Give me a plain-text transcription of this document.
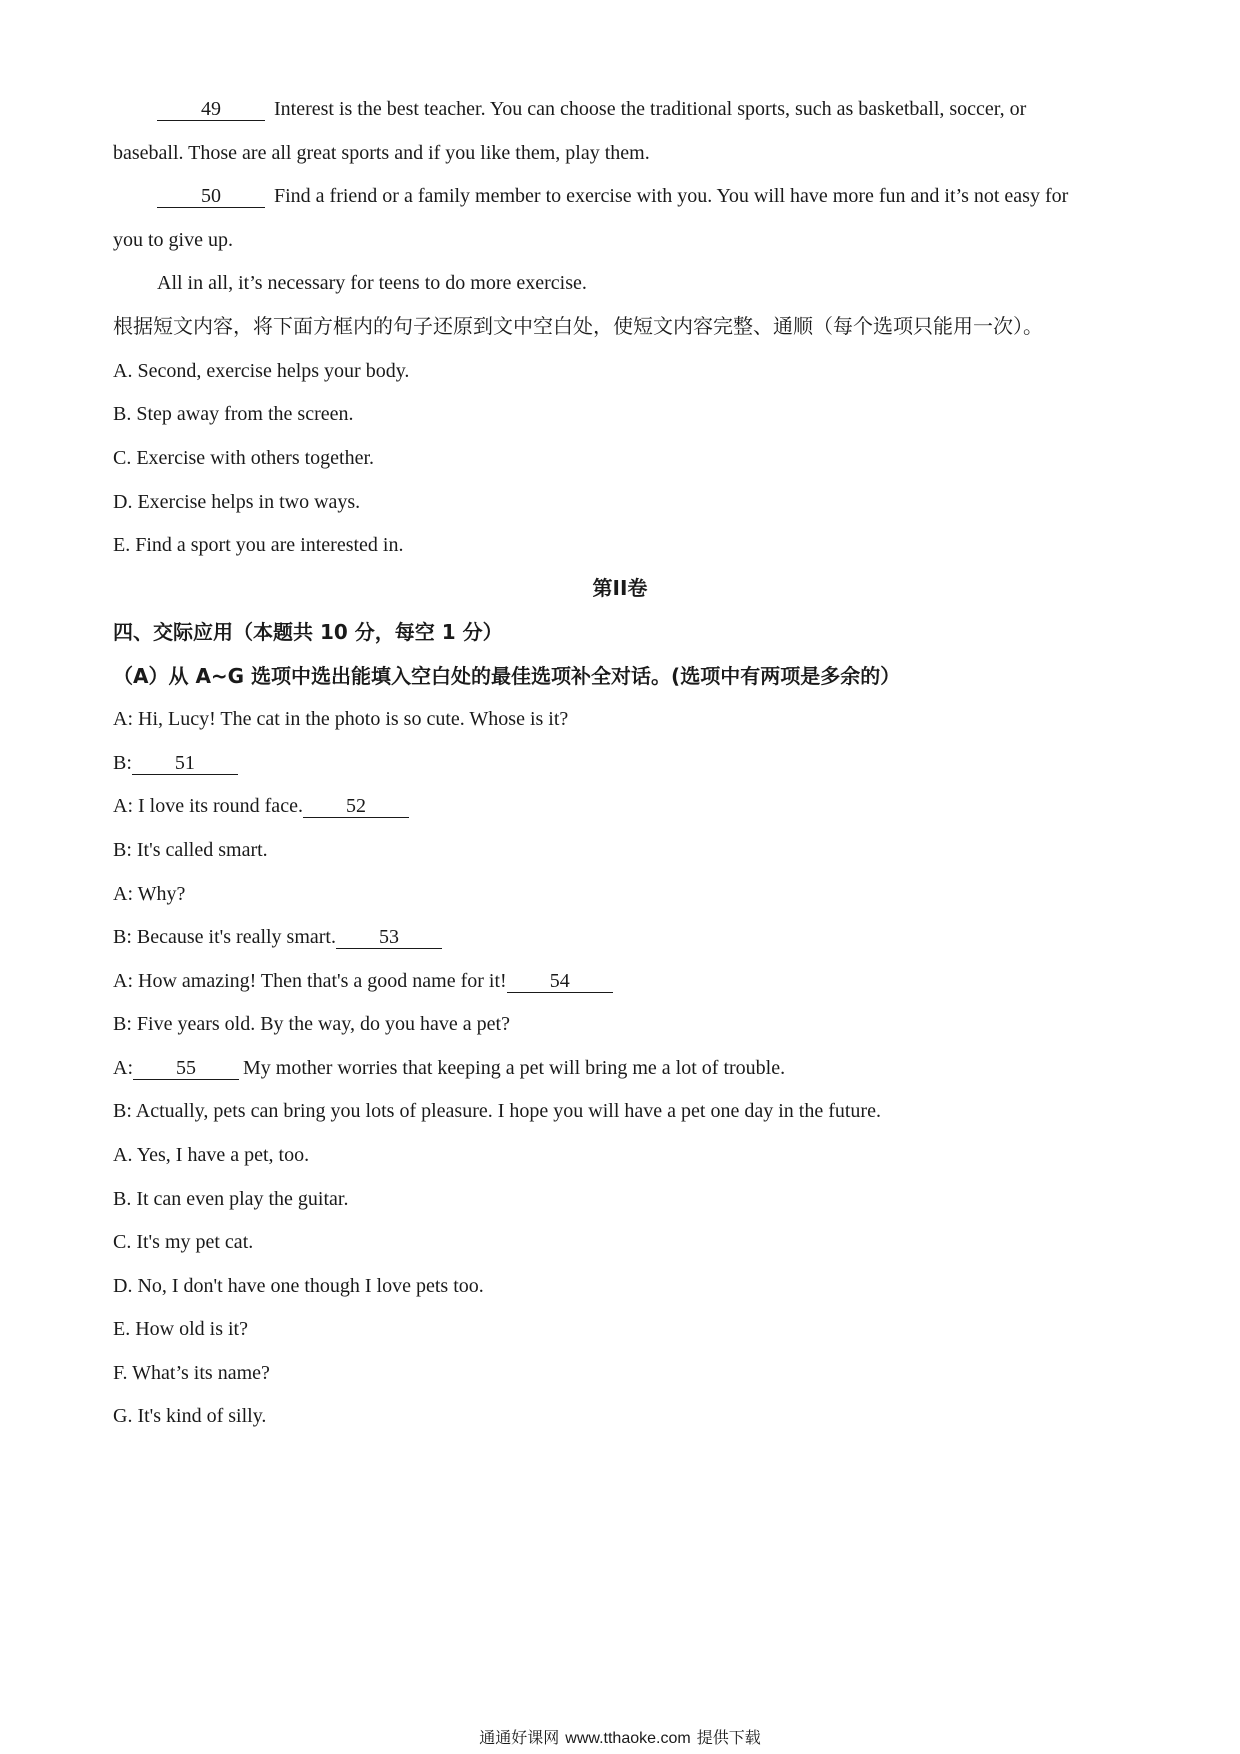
49 Interest is the best teacher. You can choose the traditional sports, such as basketball, soccer, or
baseball. Those are all great sports and if you like them, play them.
50 Find a friend or a family member to exercise with you. You will have more fun and it’s not easy for
you to give up.
All in all, it’s necessary for teens to do more exercise.
根据短文内容，将下面方框内的句子还原到文中空白处，使短文内容完整、通顺（每个选项只能用一次）。
A. Second, exercise helps your body.
B. Step away from the screen.
C. Exercise with others together.
D. Exercise helps in two ways.
E. Find a sport you are interested in.
第II卷
四、交际应用（本题共 10 分，每空 1 分）
（A）从 A~G 选项中选出能填入空白处的最佳选项补全对话。(选项中有两项是多余的）
A: Hi, Lucy! The cat in the photo is so cute. Whose is it?
B: 51
A: I love its round face. 52
B: It's called smart.
A: Why?
B: Because it's really smart. 53
A: How amazing! Then that's a good name for it! 54
B: Five years old. By the way, do you have a pet?
A: 55 My mother worries that keeping a pet will bring me a lot of trouble.
B: Actually, pets can bring you lots of pleasure. I hope you will have a pet one day in the future.
A. Yes, I have a pet, too.
B. It can even play the guitar.
C. It's my pet cat.
D. No, I don't have one though I love pets too.
E. How old is it?
F. What’s its name?
G. It's kind of silly.
通通好课网 www.tthaoke.com 提供下载
